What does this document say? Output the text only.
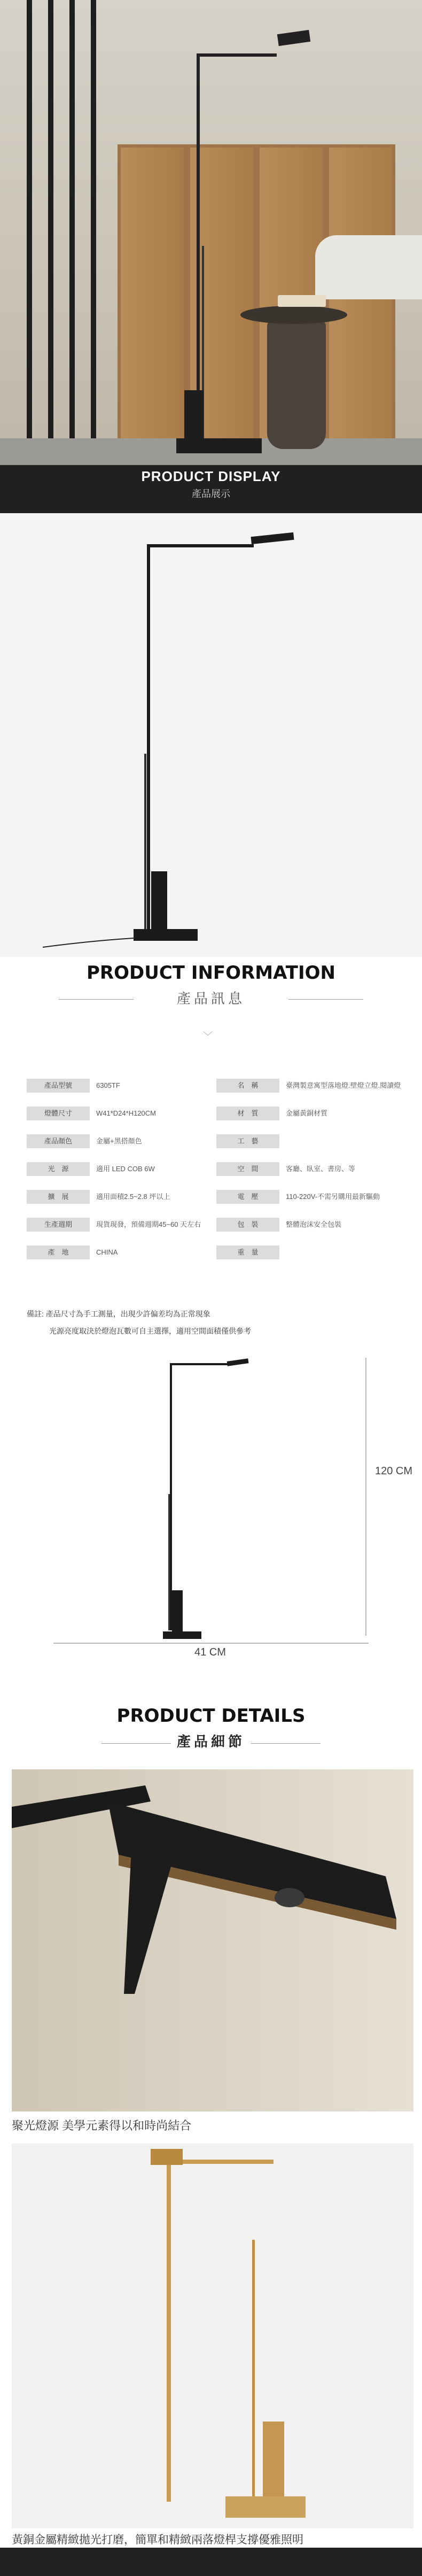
PRODUCT DISPLAY
產品展示
PRODUCT INFORMATION
產品訊息
﹀
產品型號	6305TF	名　稱	臺灣製意寓型落地燈.壁燈立燈.閱讀燈
燈體尺寸	W41*D24*H120CM	材　質	金屬黃銅材質
產品顏色	金屬+黑搭顏色	工　藝
光　源	適用 LED COB 6W	空　間	客廳、臥室、書房、等
擴　展	適用面積2.5~2.8 坪以上	電　壓	110-220V-不需另購用最新驅動
生產週期	現貨現發，預備週期45~60 天左右	包　裝	整體泡沫安全包裝
產　地	CHINA	重　量
備註: 產品尺寸為手工測量，出現少許偏差均為正常現象
光源亮度取決於燈泡瓦數可自主選擇，適用空間面積僅供參考
120 CM
41 CM
PRODUCT DETAILS
產品細節
聚光燈源 美學元素得以和時尚結合
黃銅金屬精緻拋光打磨，簡單和精緻兩落燈桿支撐優雅照明
